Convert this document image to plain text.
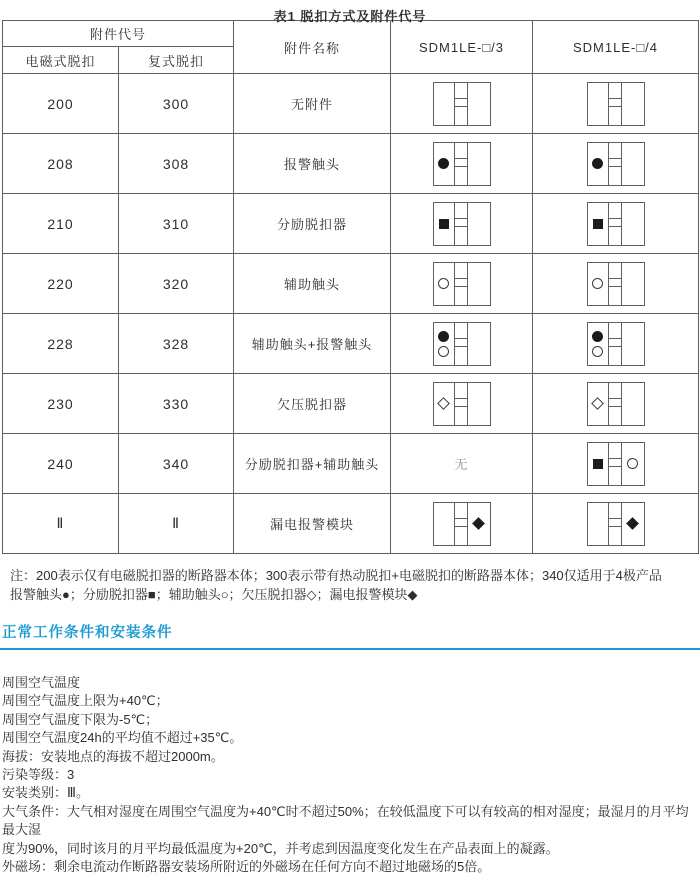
表1 脱扣方式及附件代号
附件代号		附件名称	SDM1LE-□/3	SDM1LE-□/4
电磁式脱扣	复式脱扣			
200	300	无附件	

208	308	报警触头	

210	310	分励脱扣器	

220	320	辅助触头	

228	328	辅助触头+报警触头	

230	330	欠压脱扣器	

240	340	分励脱扣器+辅助触头	无	

Ⅱ	Ⅱ	漏电报警模块	

注：200表示仅有电磁脱扣器的断路器本体；300表示带有热动脱扣+电磁脱扣的断路器本体；340仅适用于4极产品
报警触头●；分励脱扣器■；辅助触头○；欠压脱扣器◇；漏电报警模块◆
正常工作条件和安装条件
周围空气温度
周围空气温度上限为+40℃；
周围空气温度下限为-5℃；
周围空气温度24h的平均值不超过+35℃。
海拔：安装地点的海拔不超过2000m。
污染等级：3
安装类别：Ⅲ。
大气条件：大气相对湿度在周围空气温度为+40℃时不超过50%；在较低温度下可以有较高的相对湿度；最湿月的月平均最大湿
度为90%，同时该月的月平均最低温度为+20℃，并考虑到因温度变化发生在产品表面上的凝露。
外磁场：剩余电流动作断路器安装场所附近的外磁场在任何方向不超过地磁场的5倍。
